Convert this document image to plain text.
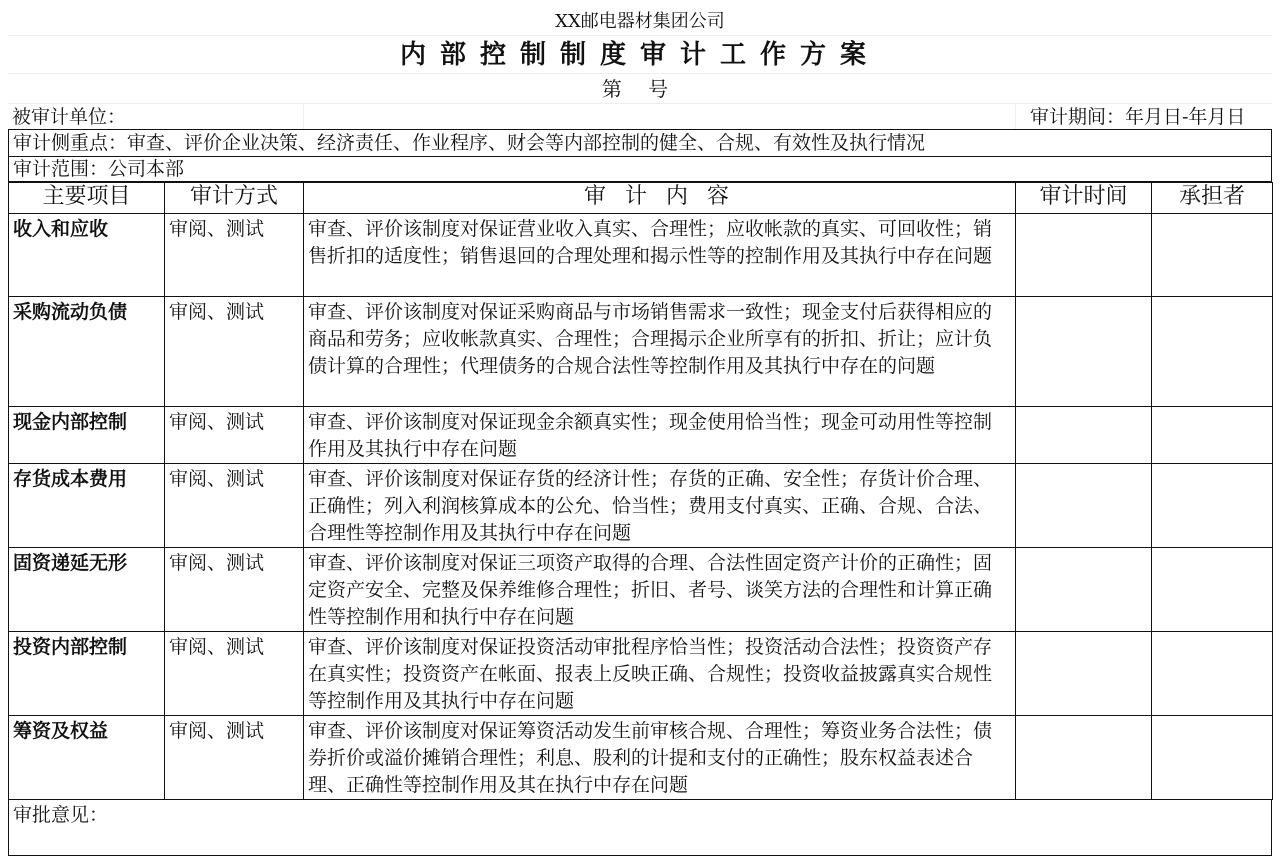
XX邮电器材集团公司
内部控制制度审计工作方案
第 号
被审计单位：	审计期间：年月日-年月日
审计侧重点：审查、评价企业决策、经济责任、作业程序、财会等内部控制的健全、合规、有效性及执行情况
审计范围：公司本部
主要项目	审计方式	审 计 内 容	审计时间	承担者
收入和应收	审阅、测试	审查、评价该制度对保证营业收入真实、合理性；应收帐款的真实、可回收性；销售折扣的适度性；销售退回的合理处理和揭示性等的控制作用及其执行中存在问题		
采购流动负债	审阅、测试	审查、评价该制度对保证采购商品与市场销售需求一致性；现金支付后获得相应的商品和劳务；应收帐款真实、合理性；合理揭示企业所享有的折扣、折让；应计负债计算的合理性；代理债务的合规合法性等控制作用及其执行中存在的问题		
现金内部控制	审阅、测试	审查、评价该制度对保证现金余额真实性；现金使用恰当性；现金可动用性等控制作用及其执行中存在问题		
存货成本费用	审阅、测试	审查、评价该制度对保证存货的经济计性；存货的正确、安全性；存货计价合理、正确性；列入利润核算成本的公允、恰当性；费用支付真实、正确、合规、合法、合理性等控制作用及其执行中存在问题		
固资递延无形	审阅、测试	审查、评价该制度对保证三项资产取得的合理、合法性固定资产计价的正确性；固定资产安全、完整及保养维修合理性；折旧、者号、谈笑方法的合理性和计算正确性等控制作用和执行中存在问题		
投资内部控制	审阅、测试	审查、评价该制度对保证投资活动审批程序恰当性；投资活动合法性；投资资产存在真实性；投资资产在帐面、报表上反映正确、合规性；投资收益披露真实合规性等控制作用及其执行中存在问题		
筹资及权益	审阅、测试	审查、评价该制度对保证筹资活动发生前审核合规、合理性；筹资业务合法性；债券折价或溢价摊销合理性；利息、股利的计提和支付的正确性；股东权益表述合理、正确性等控制作用及其在执行中存在问题		
审批意见：
